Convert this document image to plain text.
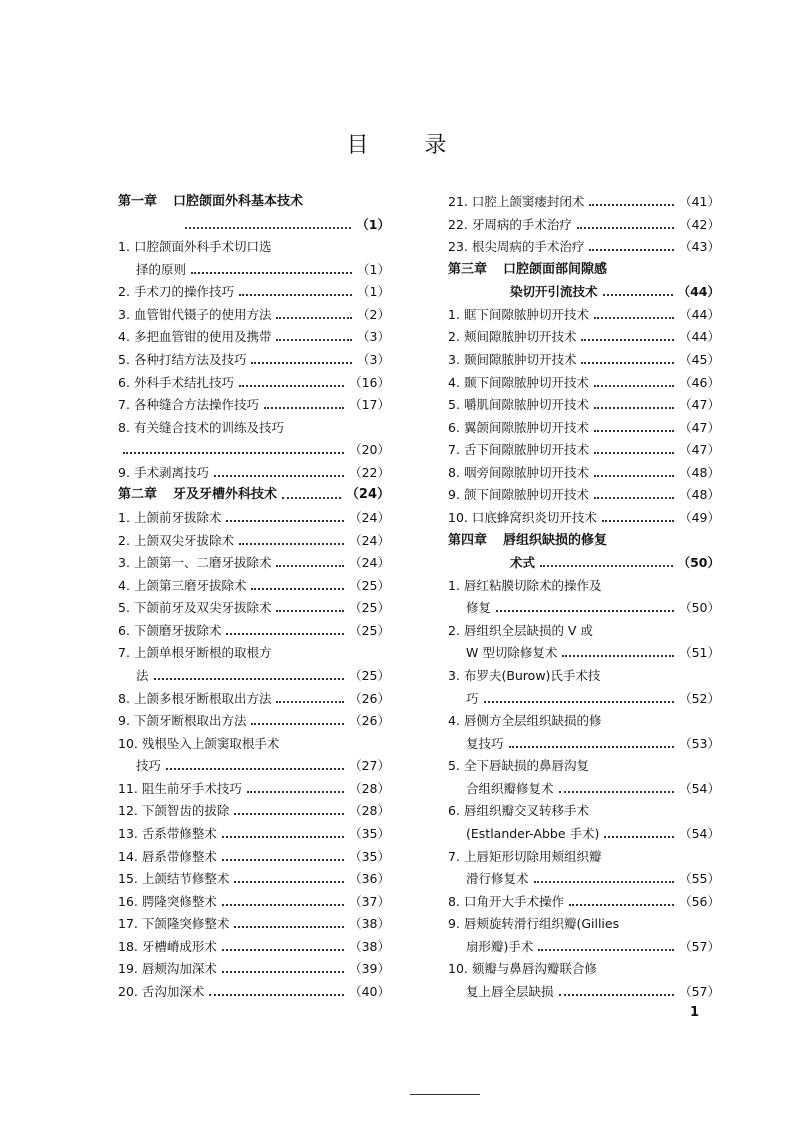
目	录
第一章 口腔颌面外科基本技术
（1）
1. 口腔颌面外科手术切口选
择的原则	（1）
2. 手术刀的操作技巧	（1）
3. 血管钳代镊子的使用方法	（2）
4. 多把血管钳的使用及携带	（3）
5. 各种打结方法及技巧	（3）
6. 外科手术结扎技巧	（16）
7. 各种缝合方法操作技巧	（17）
8. 有关缝合技术的训练及技巧
（20）
9. 手术剥离技巧	（22）
第二章 牙及牙槽外科技术	（24）
1. 上颌前牙拔除术	（24）
2. 上颌双尖牙拔除术	（24）
3. 上颌第一、二磨牙拔除术	（24）
4. 上颌第三磨牙拔除术	（25）
5. 下颌前牙及双尖牙拔除术	（25）
6. 下颌磨牙拔除术	（25）
7. 上颌单根牙断根的取根方
法	（25）
8. 上颌多根牙断根取出方法	（26）
9. 下颌牙断根取出方法	（26）
10. 残根坠入上颌窦取根手术
技巧	（27）
11. 阻生前牙手术技巧	（28）
12. 下颌智齿的拔除	（28）
13. 舌系带修整术	（35）
14. 唇系带修整术	（35）
15. 上颌结节修整术	（36）
16. 腭隆突修整术	（37）
17. 下颌隆突修整术	（38）
18. 牙槽嵴成形术	（38）
19. 唇颊沟加深术	（39）
20. 舌沟加深术	（40）
21. 口腔上颌窦瘘封闭术	（41）
22. 牙周病的手术治疗	（42）
23. 根尖周病的手术治疗	（43）
第三章 口腔颌面部间隙感
染切开引流技术	（44）
1. 眶下间隙脓肿切开技术	（44）
2. 颊间隙脓肿切开技术	（44）
3. 颞间隙脓肿切开技术	（45）
4. 颞下间隙脓肿切开技术	（46）
5. 嚼肌间隙脓肿切开技术	（47）
6. 翼颌间隙脓肿切开技术	（47）
7. 舌下间隙脓肿切开技术	（47）
8. 咽旁间隙脓肿切开技术	（48）
9. 颌下间隙脓肿切开技术	（48）
10. 口底蜂窝织炎切开技术	（49）
第四章 唇组织缺损的修复
术式	（50）
1. 唇红粘膜切除术的操作及
修复	（50）
2. 唇组织全层缺损的 V 或
W 型切除修复术	（51）
3. 布罗夫(Burow)氏手术技
巧	（52）
4. 唇侧方全层组织缺损的修
复技巧	（53）
5. 全下唇缺损的鼻唇沟复
合组织瓣修复术	（54）
6. 唇组织瓣交叉转移手术
(Estlander-Abbe 手术)	（54）
7. 上唇矩形切除用颊组织瓣
滑行修复术	（55）
8. 口角开大手术操作	（56）
9. 唇颊旋转滑行组织瓣(Gillies
扇形瓣)手术	（57）
10. 颏瓣与鼻唇沟瓣联合修
复上唇全层缺损	（57）
1
